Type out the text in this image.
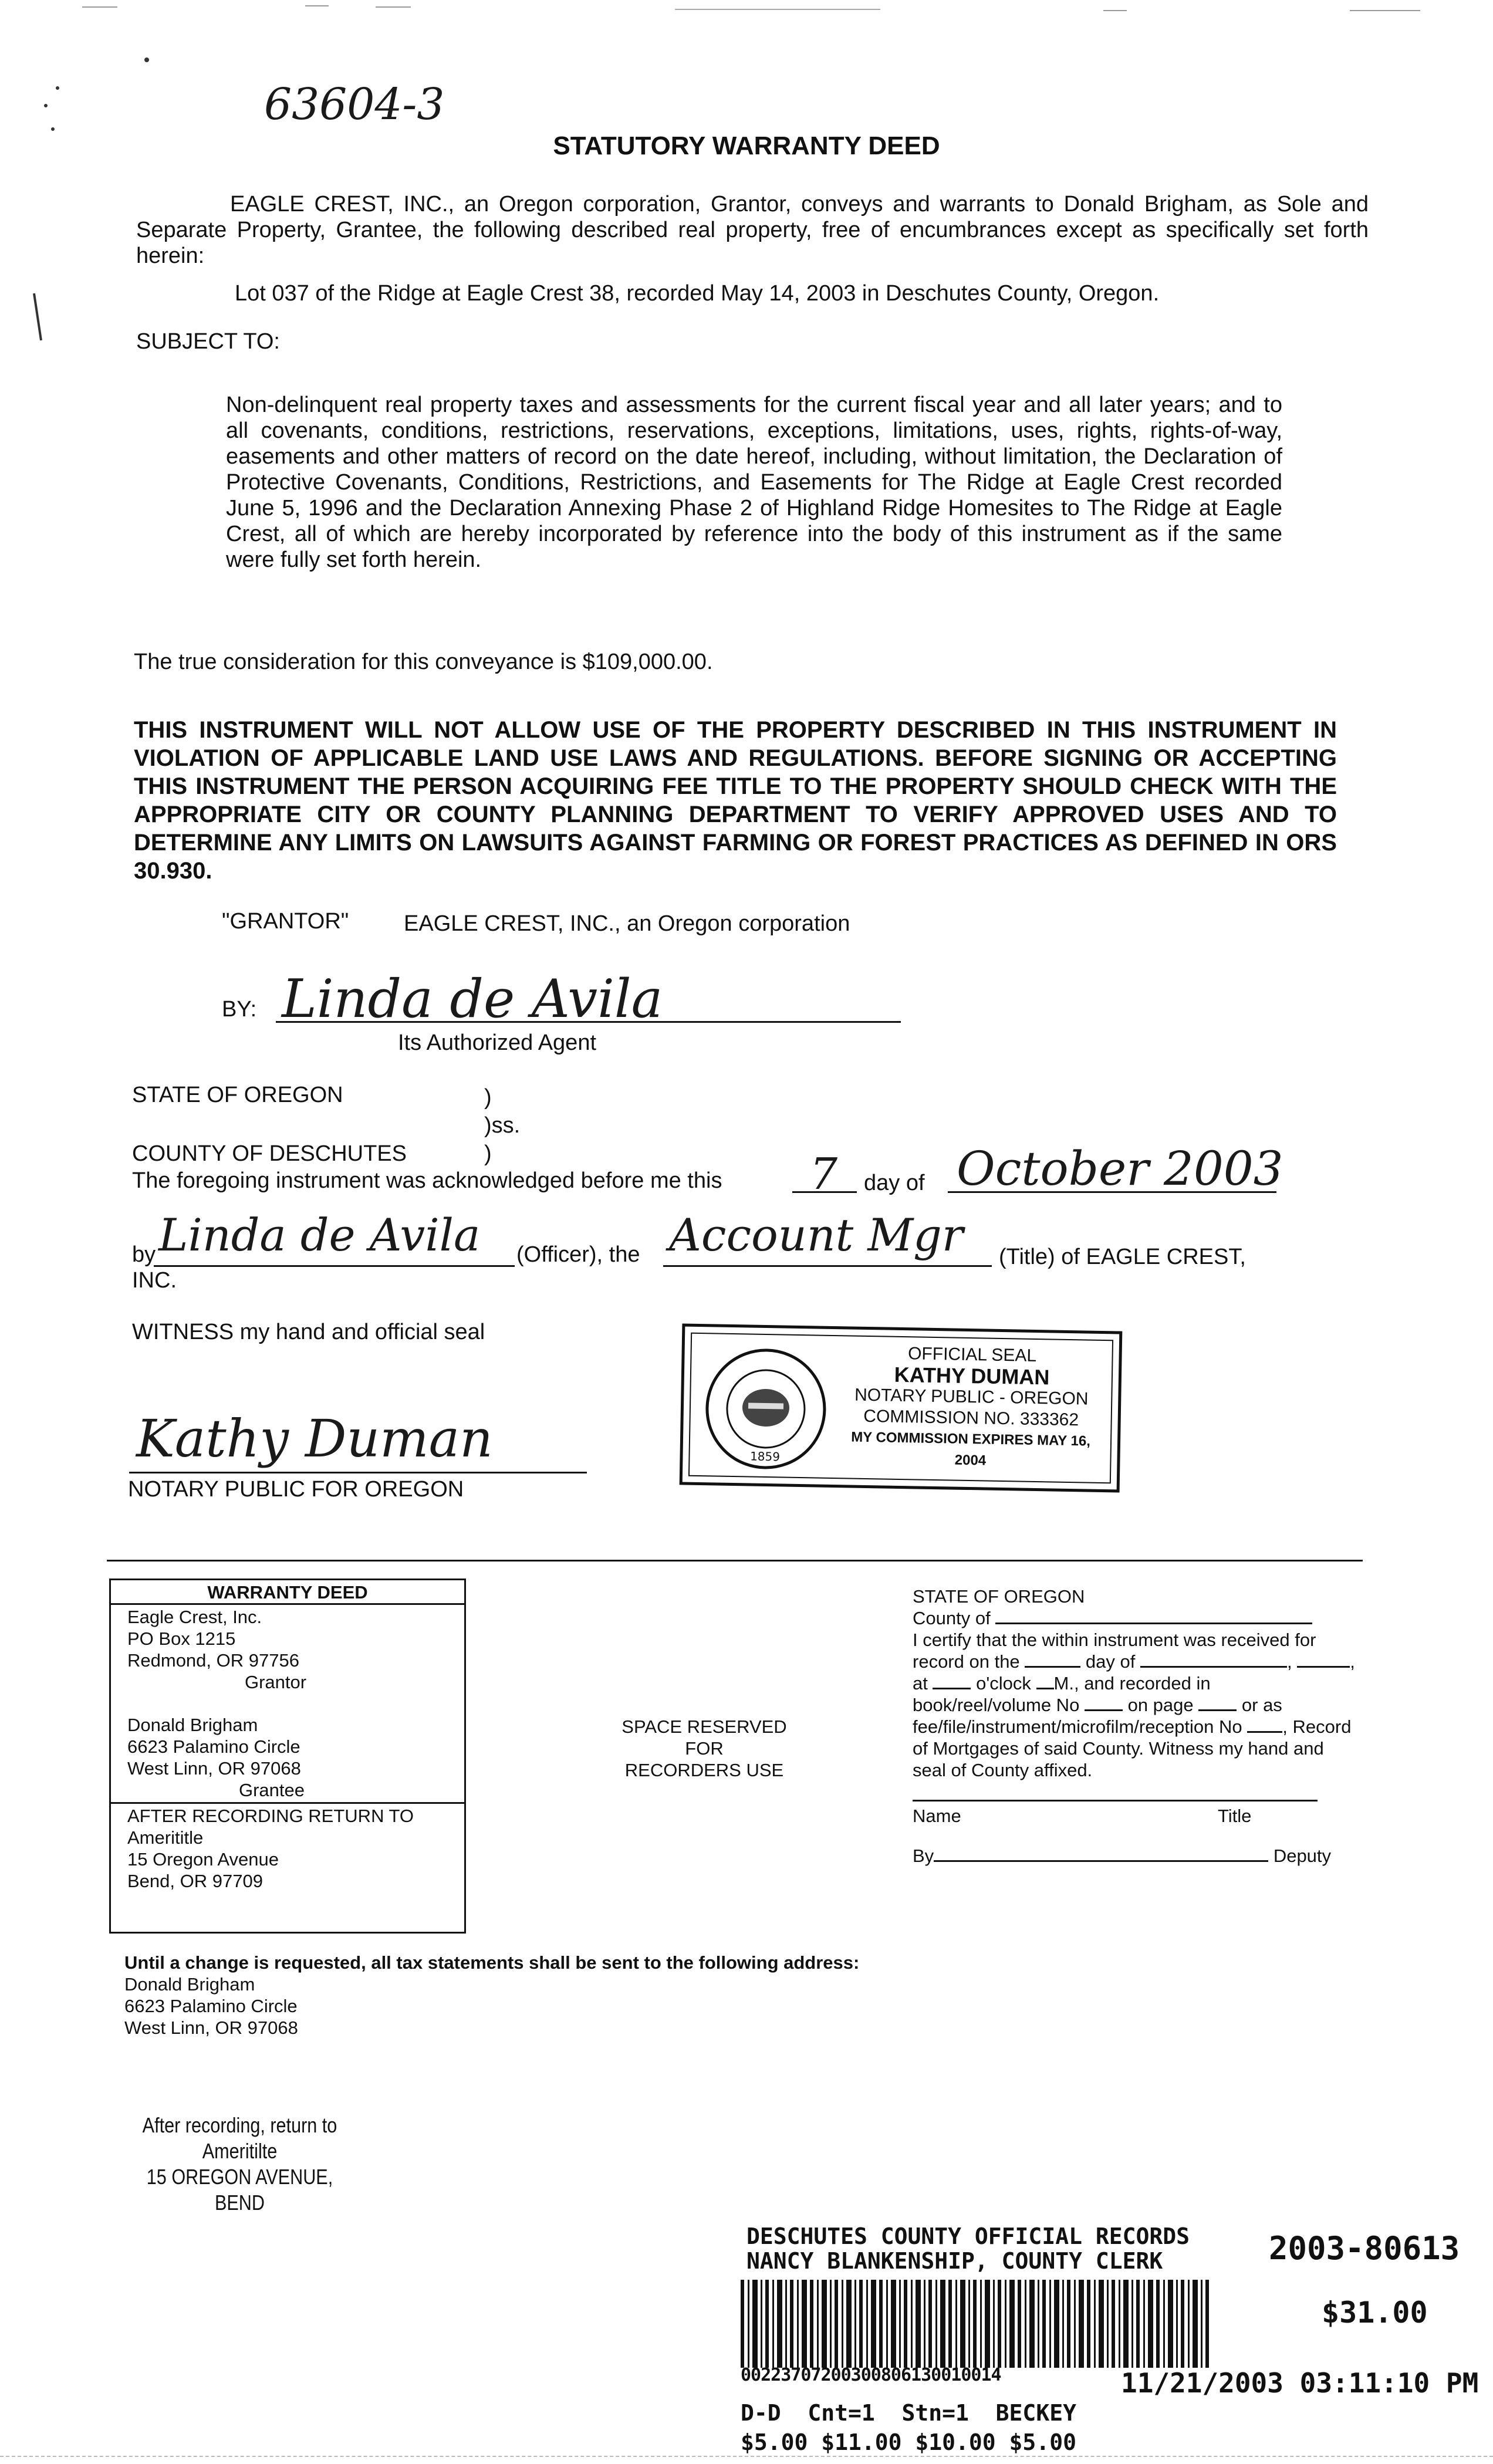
63604-3
STATUTORY WARRANTY DEED
EAGLE CREST, INC., an Oregon corporation, Grantor, conveys and warrants to Donald Brigham, as Sole and Separate Property, Grantee, the following described real property, free of encumbrances except as specifically set forth herein:
Lot 037 of the Ridge at Eagle Crest 38, recorded May 14, 2003 in Deschutes County, Oregon.
SUBJECT TO:
Non-delinquent real property taxes and assessments for the current fiscal year and all later years; and to all covenants, conditions, restrictions, reservations, exceptions, limitations, uses, rights, rights-of-way, easements and other matters of record on the date hereof, including, without limitation, the Declaration of Protective Covenants, Conditions, Restrictions, and Easements for The Ridge at Eagle Crest recorded June 5, 1996 and the Declaration Annexing Phase 2 of Highland Ridge Homesites to The Ridge at Eagle Crest, all of which are hereby incorporated by reference into the body of this instrument as if the same were fully set forth herein.
The true consideration for this conveyance is $109,000.00.
THIS INSTRUMENT WILL NOT ALLOW USE OF THE PROPERTY DESCRIBED IN THIS INSTRUMENT IN VIOLATION OF APPLICABLE LAND USE LAWS AND REGULATIONS. BEFORE SIGNING OR ACCEPTING THIS INSTRUMENT THE PERSON ACQUIRING FEE TITLE TO THE PROPERTY SHOULD CHECK WITH THE APPROPRIATE CITY OR COUNTY PLANNING DEPARTMENT TO VERIFY APPROVED USES AND TO DETERMINE ANY LIMITS ON LAWSUITS AGAINST FARMING OR FOREST PRACTICES AS DEFINED IN ORS 30.930.
"GRANTOR" EAGLE CREST, INC., an Oregon corporation
BY: Linda de Avila
Its Authorized Agent
STATE OF OREGON	)
)ss.
COUNTY OF DESCHUTES	)
The foregoing instrument was acknowledged before me this 7 day of October 2003
by Linda de Avila (Officer), the Account Mgr (Title) of EAGLE CREST,
INC.
WITNESS my hand and official seal
Kathy Duman
NOTARY PUBLIC FOR OREGON
1859
OFFICIAL SEAL
KATHY DUMAN
NOTARY PUBLIC - OREGON
COMMISSION NO. 333362
MY COMMISSION EXPIRES MAY 16, 2004
WARRANTY DEED
Eagle Crest, Inc.
PO Box 1215
Redmond, OR 97756
Grantor
Donald Brigham
6623 Palamino Circle
West Linn, OR 97068
Grantee
AFTER RECORDING RETURN TO
Amerititle
15 Oregon Avenue
Bend, OR 97709
SPACE RESERVED
FOR
RECORDERS USE
STATE OF OREGON
County of
I certify that the within instrument was received for
record on the	day of	,	,
at	o'clock M., and recorded in
book/reel/volume No	on page	or as
fee/file/instrument/microfilm/reception No , Record
of Mortgages of said County. Witness my hand and
seal of County affixed.
Name	Title
By	Deputy
Until a change is requested, all tax statements shall be sent to the following address:
Donald Brigham
6623 Palamino Circle
West Linn, OR 97068
After recording, return to
Ameritilte
15 OREGON AVENUE, BEND
DESCHUTES COUNTY OFFICIAL RECORDS
NANCY BLANKENSHIP, COUNTY CLERK	2003-80613
$31.00
00223707200300806130010014	11/21/2003 03:11:10 PM
D-D  Cnt=1  Stn=1  BECKEY
$5.00 $11.00 $10.00 $5.00
